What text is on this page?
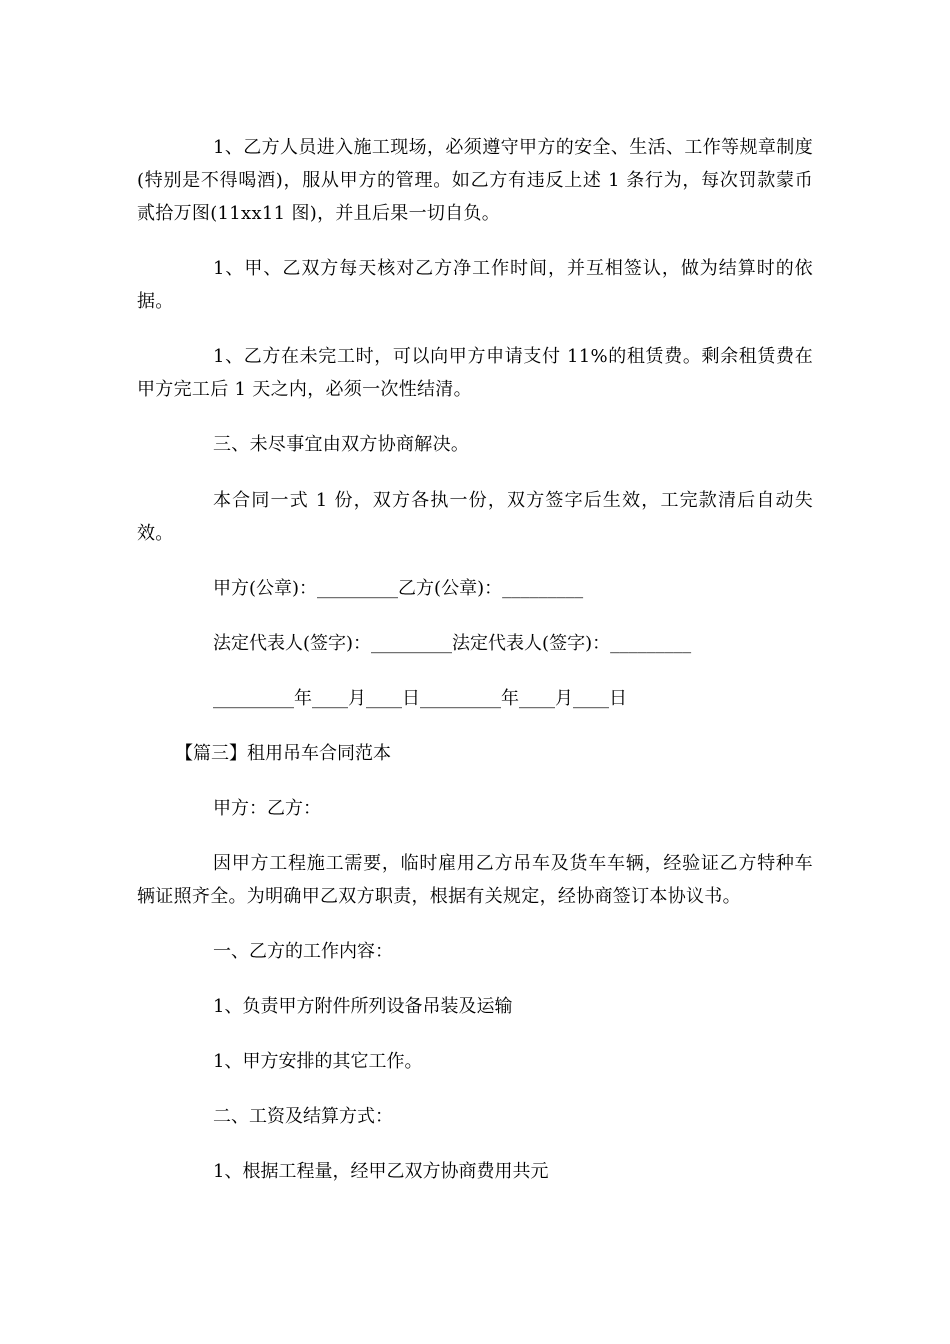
1、乙方人员进入施工现场，必须遵守甲方的安全、生活、工作等规章制度(特别是不得喝酒)，服从甲方的管理。如乙方有违反上述 1 条行为，每次罚款蒙币贰拾万图(11xx11 图)，并且后果一切自负。

1、甲、乙双方每天核对乙方净工作时间，并互相签认，做为结算时的依据。

1、乙方在未完工时，可以向甲方申请支付 11%的租赁费。剩余租赁费在甲方完工后 1 天之内，必须一次性结清。

三、未尽事宜由双方协商解决。

本合同一式 1 份，双方各执一份，双方签字后生效，工完款清后自动失效。

甲方(公章)：_________乙方(公章)：_________

法定代表人(签字)：_________法定代表人(签字)：_________

_________年____月____日_________年____月____日

【篇三】租用吊车合同范本

甲方：乙方：

因甲方工程施工需要，临时雇用乙方吊车及货车车辆，经验证乙方特种车辆证照齐全。为明确甲乙双方职责，根据有关规定，经协商签订本协议书。

一、乙方的工作内容：

1、负责甲方附件所列设备吊装及运输

1、甲方安排的其它工作。

二、工资及结算方式：

1、根据工程量，经甲乙双方协商费用共元
